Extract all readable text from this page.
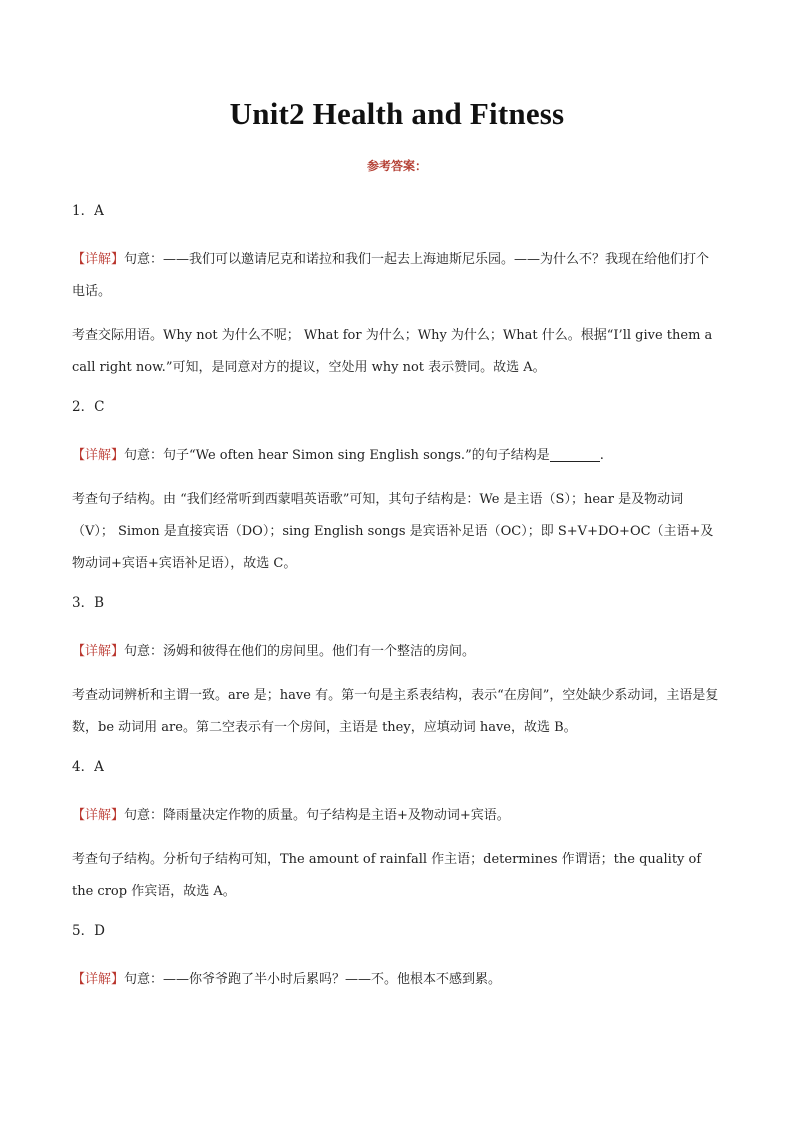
Unit2 Health and Fitness
参考答案：
1．A
【详解】句意：——我们可以邀请尼克和诺拉和我们一起去上海迪斯尼乐园。——为什么不？我现在给他们打个电话。
考查交际用语。Why not 为什么不呢； What for 为什么；Why 为什么；What 什么。根据“I’ll give them a call right now.”可知，是同意对方的提议，空处用 why not 表示赞同。故选 A。
2．C
【详解】句意：句子“We often hear Simon sing English songs.”的句子结构是	.
考查句子结构。由 “我们经常听到西蒙唱英语歌”可知，其句子结构是：We 是主语（S）；hear 是及物动词（V）； Simon 是直接宾语（DO）；sing English songs 是宾语补足语（OC）；即 S+V+DO+OC（主语+及物动词+宾语+宾语补足语），故选 C。
3．B
【详解】句意：汤姆和彼得在他们的房间里。他们有一个整洁的房间。
考查动词辨析和主谓一致。are 是；have 有。第一句是主系表结构，表示“在房间”，空处缺少系动词，主语是复数，be 动词用 are。第二空表示有一个房间，主语是 they，应填动词 have，故选 B。
4．A
【详解】句意：降雨量决定作物的质量。句子结构是主语+及物动词+宾语。
考查句子结构。分析句子结构可知，The amount of rainfall 作主语；determines 作谓语；the quality of the crop 作宾语，故选 A。
5．D
【详解】句意：——你爷爷跑了半小时后累吗？——不。他根本不感到累。
